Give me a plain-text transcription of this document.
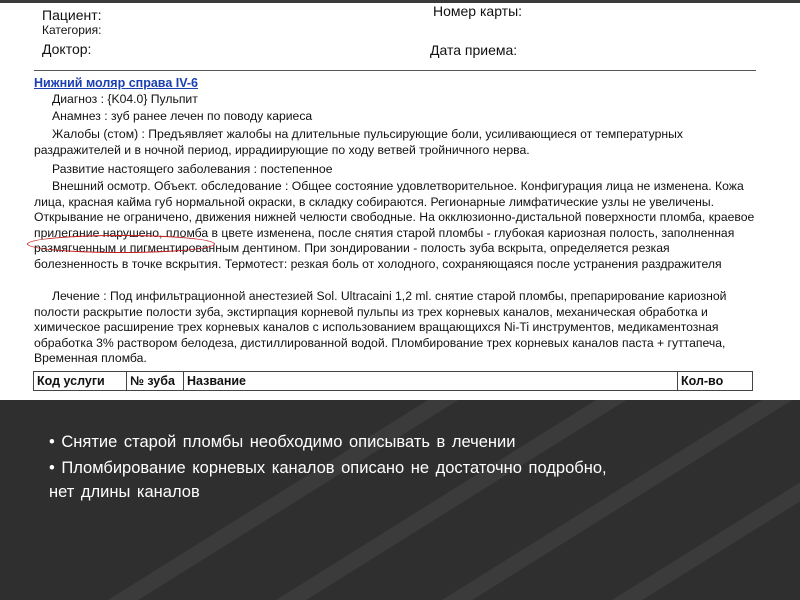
Пациент:	Номер карты:
Категория:
Доктор:	Дата приема:
Нижний моляр справа IV-6
Диагноз : {K04.0} Пульпит
Анамнез : зуб ранее лечен по поводу кариеса
Жалобы (стом) : Предъявляет жалобы на длительные пульсирующие боли, усиливающиеся от температурных раздражителей и в ночной период, иррадиирующие по ходу ветвей тройничного нерва.
Развитие настоящего заболевания : постепенное
Внешний осмотр. Объект. обследование : Общее состояние удовлетворительное. Конфигурация лица не изменена. Кожа лица, красная кайма губ нормальной окраски, в складку собираются. Регионарные лимфатические узлы не увеличены. Открывание не ограничено, движения нижней челюсти свободные. На окклюзионно-дистальной поверхности пломба, краевое прилегание нарушено, пломба в цвете изменена, после снятия старой пломбы - глубокая кариозная полость, заполненная размягченным и пигментированным дентином. При зондировании - полость зуба вскрыта, определяется резкая болезненность в точке вскрытия. Термотест: резкая боль от холодного, сохраняющаяся после устранения раздражителя
Лечение : Под инфильтрационной анестезией Sol. Ultracaini 1,2 ml. снятие старой пломбы, препарирование кариозной полости раскрытие полости зуба, экстирпация корневой пульпы из трех корневых каналов, механическая обработка и химическое расширение трех корневых каналов с использованием вращающихся Ni-Ti инструментов, медикаментозная обработка 3% раствором белодеза, дистиллированной водой. Пломбирование трех корневых каналов паста + гуттапеча, Временная пломба.
Код услуги	№ зуба	Название	Кол-во
• Снятие старой пломбы необходимо описывать в лечении
• Пломбирование корневых каналов описано не достаточно подробно,
нет длины каналов
